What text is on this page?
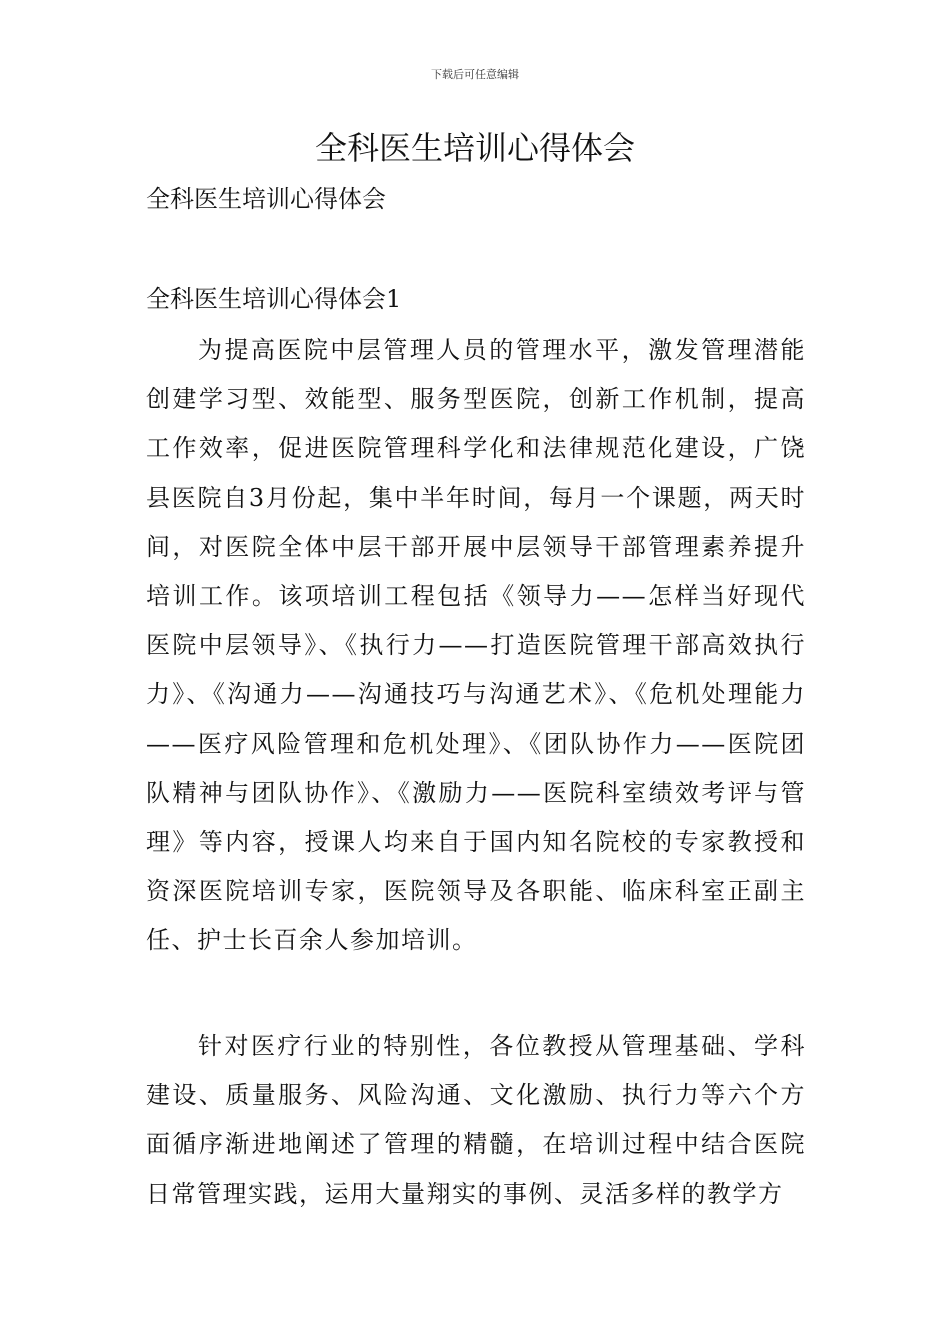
下载后可任意编辑
全科医生培训心得体会

全科医生培训心得体会

全科医生培训心得体会1

为提高医院中层管理人员的管理水平，激发管理潜能创建学习型、效能型、服务型医院，创新工作机制，提高工作效率，促进医院管理科学化和法律规范化建设，广饶县医院自3月份起，集中半年时间，每月一个课题，两天时间，对医院全体中层干部开展中层领导干部管理素养提升培训工作。该项培训工程包括《领导力——怎样当好现代医院中层领导》、《执行力——打造医院管理干部高效执行力》、《沟通力——沟通技巧与沟通艺术》、《危机处理能力——医疗风险管理和危机处理》、《团队协作力——医院团队精神与团队协作》、《激励力——医院科室绩效考评与管理》等内容，授课人均来自于国内知名院校的专家教授和资深医院培训专家，医院领导及各职能、临床科室正副主任、护士长百余人参加培训。

针对医疗行业的特别性，各位教授从管理基础、学科建设、质量服务、风险沟通、文化激励、执行力等六个方面循序渐进地阐述了管理的精髓，在培训过程中结合医院日常管理实践，运用大量翔实的事例、灵活多样的教学方
